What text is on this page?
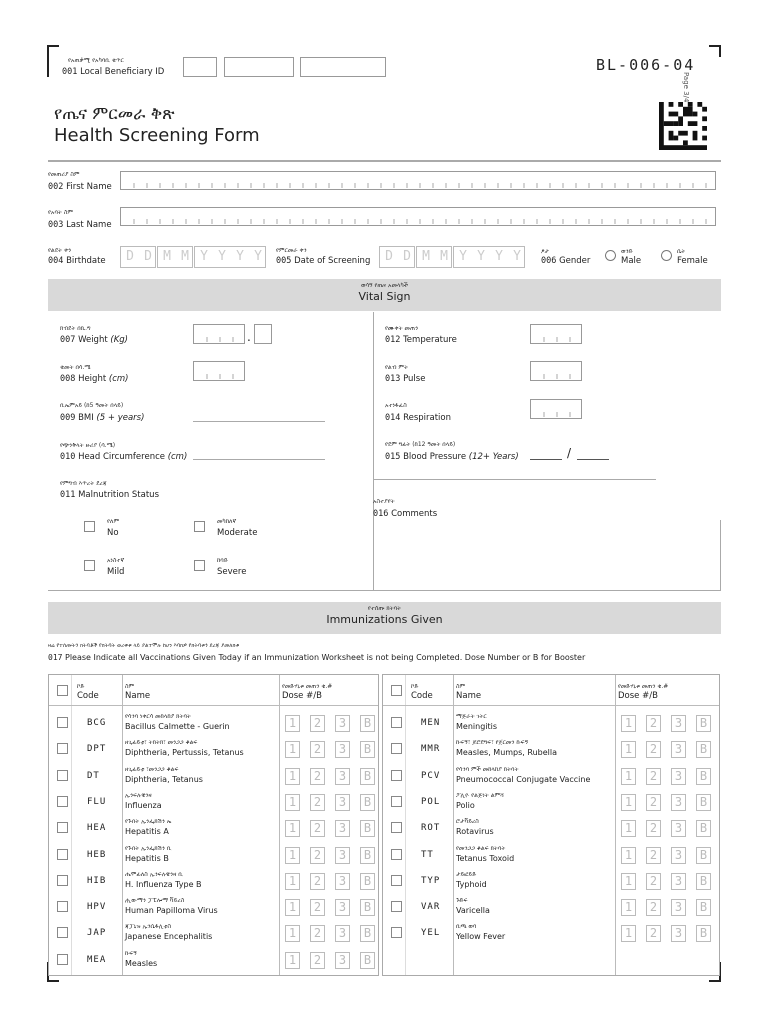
የአጠቃሚ የአካባቢ ቁጥር
001 Local Beneficiary ID	BL-006-04
Page 3/4
የጤና ምርመራ ቅጽ
Health Screening Form
የመጠሪያ ስም
002 First Name
የአባት ስም
003 Last Name
የልደት ቀን
004 Birthdate	D D M M Y Y Y Y	የምርመራ ቀን
005 Date of Screening	D D M M Y Y Y Y	ፆታ
006 Gender
ወንድ
Male
ሴት
Female
ወሳኝ የጤና አመላካች
Vital Sign
ክብደት በኪ.ግ
007 Weight (Kg)	.
ቁመት በሳ.ሜ
008 Height (cm)
ቢኤምአይ (ከ5 ዓመት በላይ)
009 BMI (5 + years)
የጭንቅላት ዙሪያ (ሳ.ሜ)
010 Head Circumference (cm)
የምግብ እጥረት ደረጃ
011 Malnutrition Status
የለም
No
መካከለኛ
Moderate
አነስተኛ
Mild
ከባድ
Severe
የሙቀት መጠን
012 Temperature
የልብ ምት
013 Pulse
አተነፋፈስ
014 Respiration
የደም ግፊት (ከ12 ዓመት በላይ)
015 Blood Pressure (12+ Years)	/
አስተያየት
016 Comments
የተሰጡ ክትባት
Immunizations Given
ዛሬ የተሰጡትን ክትባቶች የክትባት ወረቀቱ ላይ ያልተሞሉ ከሆነ እባክዎ የክትባቱን ደረጃ ያመለክቱ
017 Please Indicate all Vaccinations Given Today if an Immunization Worksheet is not being Completed. Dose Number or B for Booster
ኮድ
Code
ስም
Name
የመድሃኒቱ መጠን ቁ.#
Dose #/B
BCG
የሳንባ ነቀርሳ መከላከያ ክትባት
Bacillus Calmette - Guerin	1	2	3	B
DPT
ዘጊፊይቲ፣ ትክትክ፣ መንጋጋ ቆልፍ
Diphtheria, Pertussis, Tetanus	1	2	3	B
DT
ዘጊፊይቲ ፣መንጋጋ ቆልፍ
Diphtheria, Tetanus	1	2	3	B
FLU
ኢንፍሉዌንዛ
Influenza	1	2	3	B
HEA
የጉበት ኢንፌክሽን ኤ
Hepatitis A	1	2	3	B
HEB
የጉበት ኢንፌክሽን ቢ
Hepatitis B	1	2	3	B
HIB
ሔሞፊለስ ኢንፍሉዌንዛ ቢ
H. Influenza Type B	1	2	3	B
HPV
ሒውማን ፓፒሎማ ቫይረስ
Human Papilloma Virus	1	2	3	B
JAP
ጃፓኒዝ ኢንሴፋሊቲስ
Japanese Encephalitis	1	2	3	B
MEA
ኩፍኝ
Measles	1	2	3	B
ኮድ
Code
ስም
Name
የመድሃኒቱ መጠን ቁ.#
Dose #/B
MEN
ማጅራት ገትር
Meningitis	1	2	3	B
MMR
ኩፍኝ፣ ጆሮደግፍ፣ የጀርመን ኩፍኝ
Measles, Mumps, Rubella	1	2	3	B
PCV
የሳንባ ምች መከላከያ ክትባት
Pneumococcal Conjugate Vaccine	1	2	3	B
POL
ፖሊዮ የልጅነት ልምሻ
Polio	1	2	3	B
ROT
ሮታቫይረስ
Rotavirus	1	2	3	B
TT
የመንጋጋ ቆልፍ ክትባት
Tetanus Toxoid	1	2	3	B
TYP
ታይፎይድ
Typhoid	1	2	3	B
VAR
ጉድፍ
Varicella	1	2	3	B
YEL
ቢጫ ወባ
Yellow Fever	1	2	3	B
